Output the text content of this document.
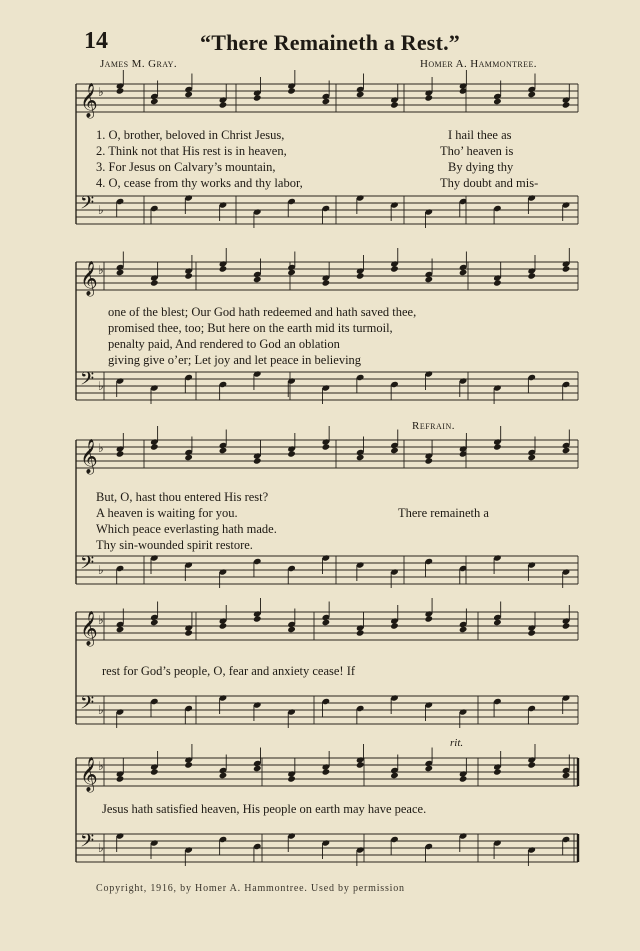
14	“There Remaineth a Rest.”
James M. Gray.	Homer A. Hammontree.
𝄞 ♭
𝄢 ♭
𝄞 ♭
𝄢 ♭
𝄞 ♭
𝄢 ♭
𝄞 ♭
𝄢 ♭
𝄞 ♭
𝄢 ♭
1. O, brother, beloved in Christ Jesus,	I hail thee as
2. Think not that His rest is in heaven,	Tho’ heaven is
3. For Jesus on Calvary’s mountain,	By dying thy
4. O, cease from thy works and thy labor,	Thy doubt and mis-
one of the blest; Our God hath redeemed and hath saved thee,
promised thee, too; But here on the earth mid its turmoil,
penalty paid, And rendered to God an oblation
giving give o’er; Let joy and let peace in believing
Refrain.
But, O, hast thou entered His rest?
A heaven is waiting for you.	There remaineth a
Which peace everlasting hath made.
Thy sin-wounded spirit restore.
rest for God’s people, O, fear and anxiety cease! If
rit.
Jesus hath satisfied heaven, His people on earth may have peace.
Copyright, 1916, by Homer A. Hammontree. Used by permission
